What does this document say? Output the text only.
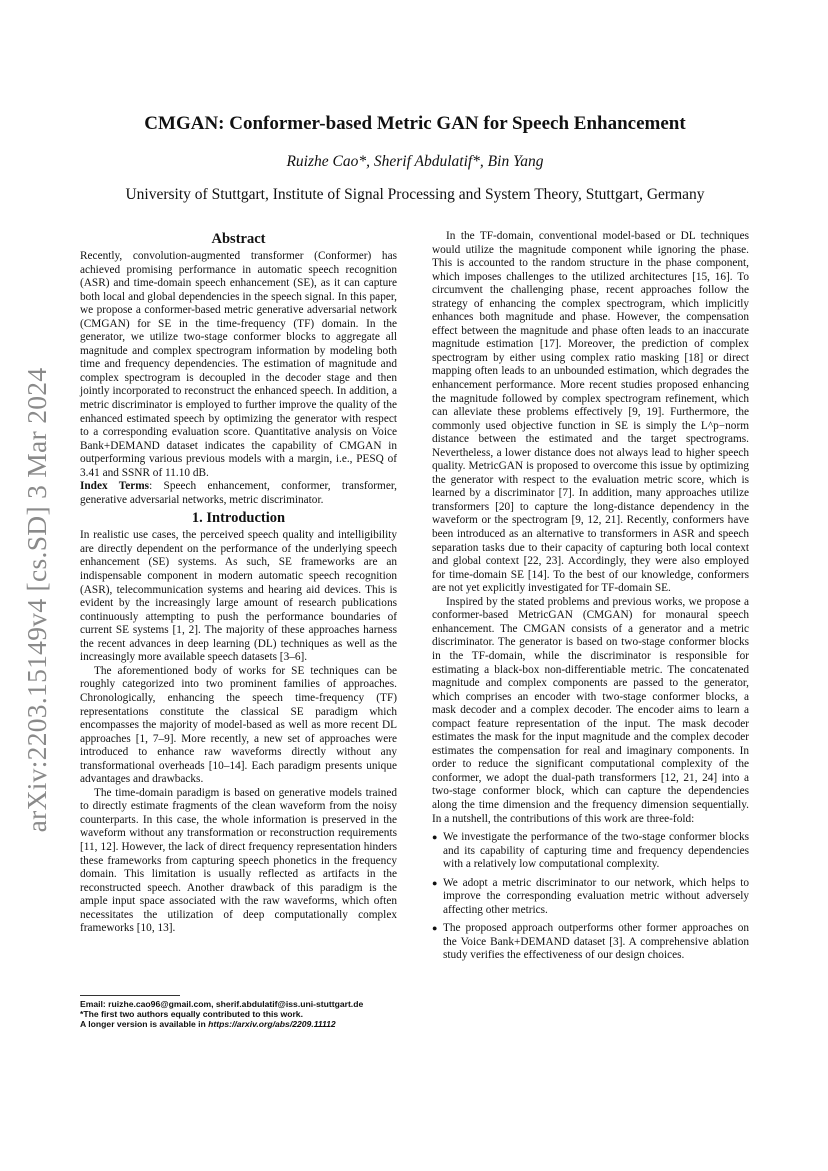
arXiv:2203.15149v4 [cs.SD] 3 Mar 2024
CMGAN: Conformer-based Metric GAN for Speech Enhancement
Ruizhe Cao*, Sherif Abdulatif*, Bin Yang
University of Stuttgart, Institute of Signal Processing and System Theory, Stuttgart, Germany
Abstract

Recently, convolution-augmented transformer (Conformer) has achieved promising performance in automatic speech recognition (ASR) and time-domain speech enhancement (SE), as it can capture both local and global dependencies in the speech signal. In this paper, we propose a conformer-based metric generative adversarial network (CMGAN) for SE in the time-frequency (TF) domain. In the generator, we utilize two-stage conformer blocks to aggregate all magnitude and complex spectrogram information by modeling both time and frequency dependencies. The estimation of magnitude and complex spectrogram is decoupled in the decoder stage and then jointly incorporated to reconstruct the enhanced speech. In addition, a metric discriminator is employed to further improve the quality of the enhanced estimated speech by optimizing the generator with respect to a corresponding evaluation score. Quantitative analysis on Voice Bank+DEMAND dataset indicates the capability of CMGAN in outperforming various previous models with a margin, i.e., PESQ of 3.41 and SSNR of 11.10 dB.

Index Terms: Speech enhancement, conformer, transformer, generative adversarial networks, metric discriminator.

1. Introduction

In realistic use cases, the perceived speech quality and intelligibility are directly dependent on the performance of the underlying speech enhancement (SE) systems. As such, SE frameworks are an indispensable component in modern automatic speech recognition (ASR), telecommunication systems and hearing aid devices. This is evident by the increasingly large amount of research publications continuously attempting to push the performance boundaries of current SE systems [1, 2]. The majority of these approaches harness the recent advances in deep learning (DL) techniques as well as the increasingly more available speech datasets [3–6].

The aforementioned body of works for SE techniques can be roughly categorized into two prominent families of approaches. Chronologically, enhancing the speech time-frequency (TF) representations constitute the classical SE paradigm which encompasses the majority of model-based as well as more recent DL approaches [1, 7–9]. More recently, a new set of approaches were introduced to enhance raw waveforms directly without any transformational overheads [10–14]. Each paradigm presents unique advantages and drawbacks.

The time-domain paradigm is based on generative models trained to directly estimate fragments of the clean waveform from the noisy counterparts. In this case, the whole information is preserved in the waveform without any transformation or reconstruction requirements [11, 12]. However, the lack of direct frequency representation hinders these frameworks from capturing speech phonetics in the frequency domain. This limitation is usually reflected as artifacts in the reconstructed speech. Another drawback of this paradigm is the ample input space associated with the raw waveforms, which often necessitates the utilization of deep computationally complex frameworks [10, 13].

In the TF-domain, conventional model-based or DL techniques would utilize the magnitude component while ignoring the phase. This is accounted to the random structure in the phase component, which imposes challenges to the utilized architectures [15, 16]. To circumvent the challenging phase, recent approaches follow the strategy of enhancing the complex spectrogram, which implicitly enhances both magnitude and phase. However, the compensation effect between the magnitude and phase often leads to an inaccurate magnitude estimation [17]. Moreover, the prediction of complex spectrogram by either using complex ratio masking [18] or direct mapping often leads to an unbounded estimation, which degrades the enhancement performance. More recent studies proposed enhancing the magnitude followed by complex spectrogram refinement, which can alleviate these problems effectively [9, 19]. Furthermore, the commonly used objective function in SE is simply the L^p−norm distance between the estimated and the target spectrograms. Nevertheless, a lower distance does not always lead to higher speech quality. MetricGAN is proposed to overcome this issue by optimizing the generator with respect to the evaluation metric score, which is learned by a discriminator [7]. In addition, many approaches utilize transformers [20] to capture the long-distance dependency in the waveform or the spectrogram [9, 12, 21]. Recently, conformers have been introduced as an alternative to transformers in ASR and speech separation tasks due to their capacity of capturing both local context and global context [22, 23]. Accordingly, they were also employed for time-domain SE [14]. To the best of our knowledge, conformers are not yet explicitly investigated for TF-domain SE.

Inspired by the stated problems and previous works, we propose a conformer-based MetricGAN (CMGAN) for monaural speech enhancement. The CMGAN consists of a generator and a metric discriminator. The generator is based on two-stage conformer blocks in the TF-domain, while the discriminator is responsible for estimating a black-box non-differentiable metric. The concatenated magnitude and complex components are passed to the generator, which comprises an encoder with two-stage conformer blocks, a mask decoder and a complex decoder. The encoder aims to learn a compact feature representation of the input. The mask decoder estimates the mask for the input magnitude and the complex decoder estimates the compensation for real and imaginary components. In order to reduce the significant computational complexity of the conformer, we adopt the dual-path transformers [12, 21, 24] into a two-stage conformer block, which can capture the dependencies along the time dimension and the frequency dimension sequentially. In a nutshell, the contributions of this work are three-fold:

● We investigate the performance of the two-stage conformer blocks and its capability of capturing time and frequency dependencies with a relatively low computational complexity.
● We adopt a metric discriminator to our network, which helps to improve the corresponding evaluation metric without adversely affecting other metrics.
● The proposed approach outperforms other former approaches on the Voice Bank+DEMAND dataset [3]. A comprehensive ablation study verifies the effectiveness of our design choices.
Email: ruizhe.cao96@gmail.com, sherif.abdulatif@iss.uni-stuttgart.de
*The first two authors equally contributed to this work.
A longer version is available in https://arxiv.org/abs/2209.11112
